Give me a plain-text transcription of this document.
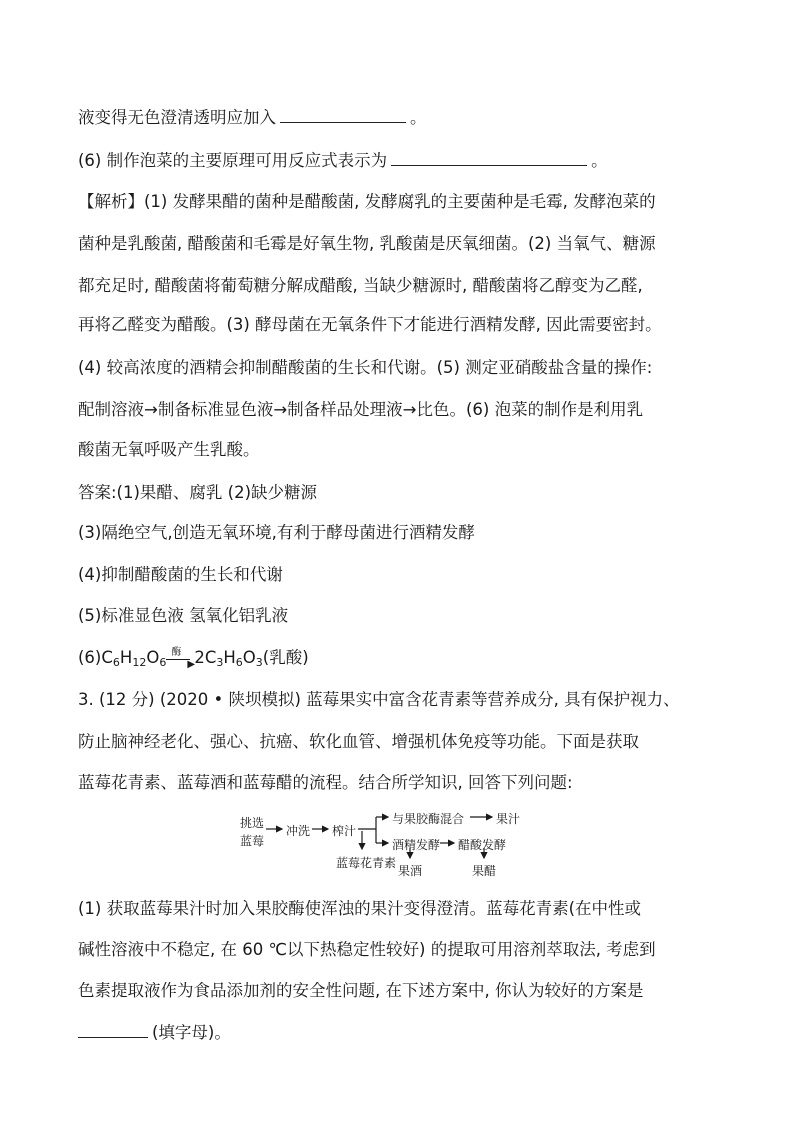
液变得无色澄清透明应加入	。
(6) 制作泡菜的主要原理可用反应式表示为	。
【解析】(1) 发酵果醋的菌种是醋酸菌, 发酵腐乳的主要菌种是毛霉, 发酵泡菜的
菌种是乳酸菌, 醋酸菌和毛霉是好氧生物, 乳酸菌是厌氧细菌。(2) 当氧气、糖源
都充足时, 醋酸菌将葡萄糖分解成醋酸, 当缺少糖源时, 醋酸菌将乙醇变为乙醛,
再将乙醛变为醋酸。(3) 酵母菌在无氧条件下才能进行酒精发酵, 因此需要密封。
(4) 较高浓度的酒精会抑制醋酸菌的生长和代谢。(5) 测定亚硝酸盐含量的操作:
配制溶液→制备标准显色液→制备样品处理液→比色。(6) 泡菜的制作是利用乳
酸菌无氧呼吸产生乳酸。
答案:(1)果醋、腐乳 (2)缺少糖源
(3)隔绝空气,创造无氧环境,有利于酵母菌进行酒精发酵
(4)抑制醋酸菌的生长和代谢
(5)标准显色液 氢氧化铝乳液
$(6)C_6H_{12}O_6$
酶
▶ $2C_3H_6O_3$(乳酸)
3. (12 分) (2020 • 陕坝模拟) 蓝莓果实中富含花青素等营养成分, 具有保护视力、
防止脑神经老化、强心、抗癌、软化血管、增强机体免疫等功能。下面是获取
蓝莓花青素、蓝莓酒和蓝莓醋的流程。结合所学知识, 回答下列问题:
挑选
蓝莓
冲洗 榨汁
与果胶酶混合	果汁
酒精发酵 醋酸发酵
蓝莓花青素
果酒	果醋
(1) 获取蓝莓果汁时加入果胶酶使浑浊的果汁变得澄清。蓝莓花青素(在中性或
碱性溶液中不稳定, 在 60 ℃以下热稳定性较好) 的提取可用溶剂萃取法, 考虑到
色素提取液作为食品添加剂的安全性问题, 在下述方案中, 你认为较好的方案是
(填字母)。
